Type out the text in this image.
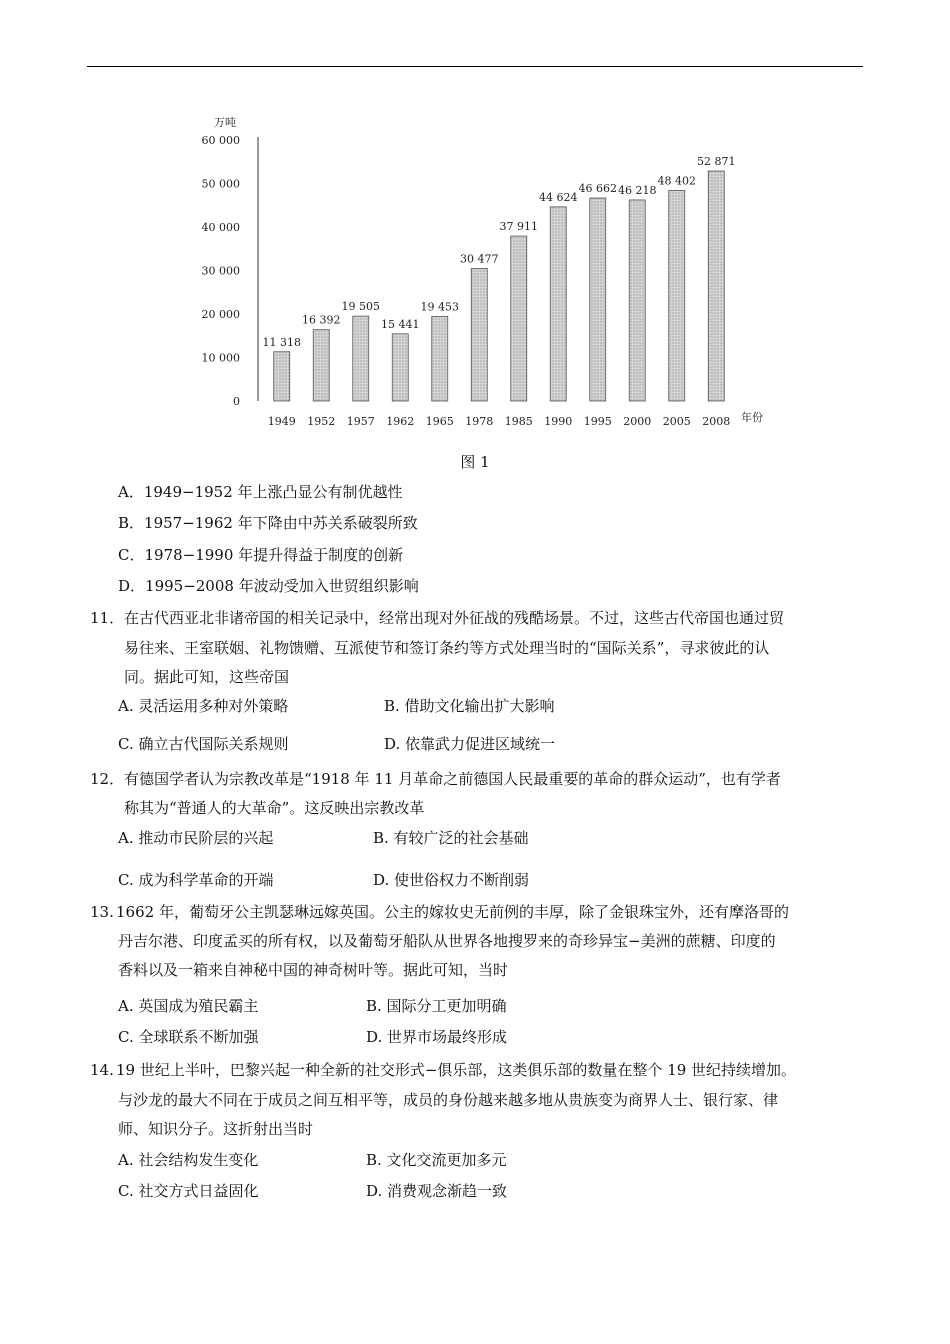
0
10 000
20 000
30 000
40 000
50 000
60 000
万吨
11 318
1949
16 392
1952
19 505
1957
15 441
1962
19 453
1965
30 477
1978
37 911
1985
44 624
1990
46 662
1995
46 218
2000
48 402
2005
52 871
2008 年份
图 1
A．1949−1952 年上涨凸显公有制优越性
B．1957−1962 年下降由中苏关系破裂所致
C．1978−1990 年提升得益于制度的创新
D．1995−2008 年波动受加入世贸组织影响
11． 在古代西亚北非诸帝国的相关记录中，经常出现对外征战的残酷场景。不过，这些古代帝国也通过贸
易往来、王室联姻、礼物馈赠、互派使节和签订条约等方式处理当时的“国际关系”，寻求彼此的认
同。据此可知，这些帝国
A. 灵活运用多种对外策略	B. 借助文化输出扩大影响
C. 确立古代国际关系规则	D. 依靠武力促进区域统一
12． 有德国学者认为宗教改革是“1918 年 11 月革命之前德国人民最重要的革命的群众运动”，也有学者
称其为“普通人的大革命”。这反映出宗教改革
A. 推动市民阶层的兴起	B. 有较广泛的社会基础
C. 成为科学革命的开端	D. 使世俗权力不断削弱
13. 1662 年，葡萄牙公主凯瑟琳远嫁英国。公主的嫁妆史无前例的丰厚，除了金银珠宝外，还有摩洛哥的
丹吉尔港、印度孟买的所有权，以及葡萄牙船队从世界各地搜罗来的奇珍异宝−美洲的蔗糖、印度的
香料以及一箱来自神秘中国的神奇树叶等。据此可知，当时
A. 英国成为殖民霸主	B. 国际分工更加明确
C. 全球联系不断加强	D. 世界市场最终形成
14. 19 世纪上半叶，巴黎兴起一种全新的社交形式−俱乐部，这类俱乐部的数量在整个 19 世纪持续增加。
与沙龙的最大不同在于成员之间互相平等，成员的身份越来越多地从贵族变为商界人士、银行家、律
师、知识分子。这折射出当时
A. 社会结构发生变化	B. 文化交流更加多元
C. 社交方式日益固化	D. 消费观念渐趋一致
